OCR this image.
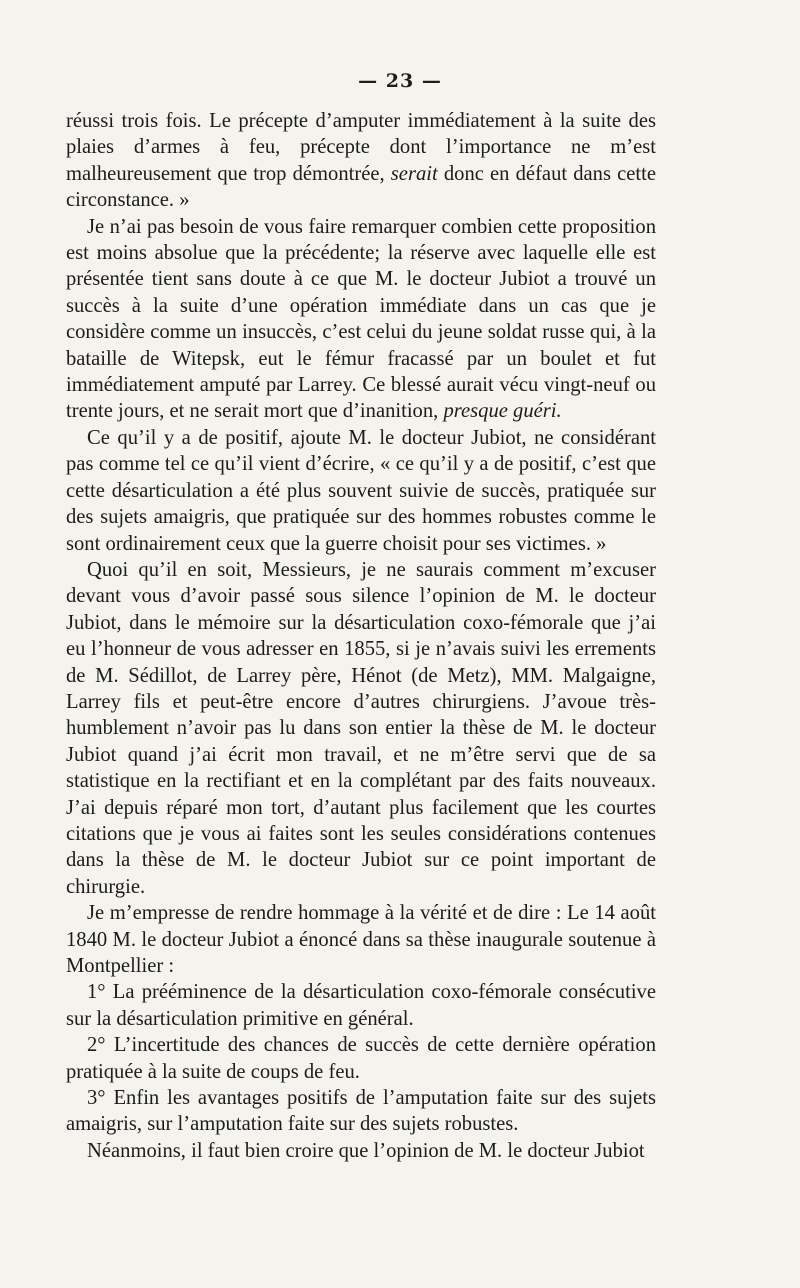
— 23 —

réussi trois fois. Le précepte d’amputer immédiatement à la suite des plaies d’armes à feu, précepte dont l’importance ne m’est malheureusement que trop démontrée, serait donc en défaut dans cette circonstance. »

Je n’ai pas besoin de vous faire remarquer combien cette proposition est moins absolue que la précédente; la réserve avec laquelle elle est présentée tient sans doute à ce que M. le docteur Jubiot a trouvé un succès à la suite d’une opération immédiate dans un cas que je considère comme un insuccès, c’est celui du jeune soldat russe qui, à la bataille de Witepsk, eut le fémur fracassé par un boulet et fut immédiatement amputé par Larrey. Ce blessé aurait vécu vingt-neuf ou trente jours, et ne serait mort que d’inanition, presque guéri.

Ce qu’il y a de positif, ajoute M. le docteur Jubiot, ne considérant pas comme tel ce qu’il vient d’écrire, « ce qu’il y a de positif, c’est que cette désarticulation a été plus souvent suivie de succès, pratiquée sur des sujets amaigris, que pratiquée sur des hommes robustes comme le sont ordinairement ceux que la guerre choisit pour ses victimes. »

Quoi qu’il en soit, Messieurs, je ne saurais comment m’excuser devant vous d’avoir passé sous silence l’opinion de M. le docteur Jubiot, dans le mémoire sur la désarticulation coxo-fémorale que j’ai eu l’honneur de vous adresser en 1855, si je n’avais suivi les errements de M. Sédillot, de Larrey père, Hénot (de Metz), MM. Malgaigne, Larrey fils et peut-être encore d’autres chirurgiens. J’avoue très-humblement n’avoir pas lu dans son entier la thèse de M. le docteur Jubiot quand j’ai écrit mon travail, et ne m’être servi que de sa statistique en la rectifiant et en la complétant par des faits nouveaux. J’ai depuis réparé mon tort, d’autant plus facilement que les courtes citations que je vous ai faites sont les seules considérations contenues dans la thèse de M. le docteur Jubiot sur ce point important de chirurgie.

Je m’empresse de rendre hommage à la vérité et de dire : Le 14 août 1840 M. le docteur Jubiot a énoncé dans sa thèse inaugurale soutenue à Montpellier :

1° La prééminence de la désarticulation coxo-fémorale consécutive sur la désarticulation primitive en général.

2° L’incertitude des chances de succès de cette dernière opération pratiquée à la suite de coups de feu.

3° Enfin les avantages positifs de l’amputation faite sur des sujets amaigris, sur l’amputation faite sur des sujets robustes.

Néanmoins, il faut bien croire que l’opinion de M. le docteur Jubiot
